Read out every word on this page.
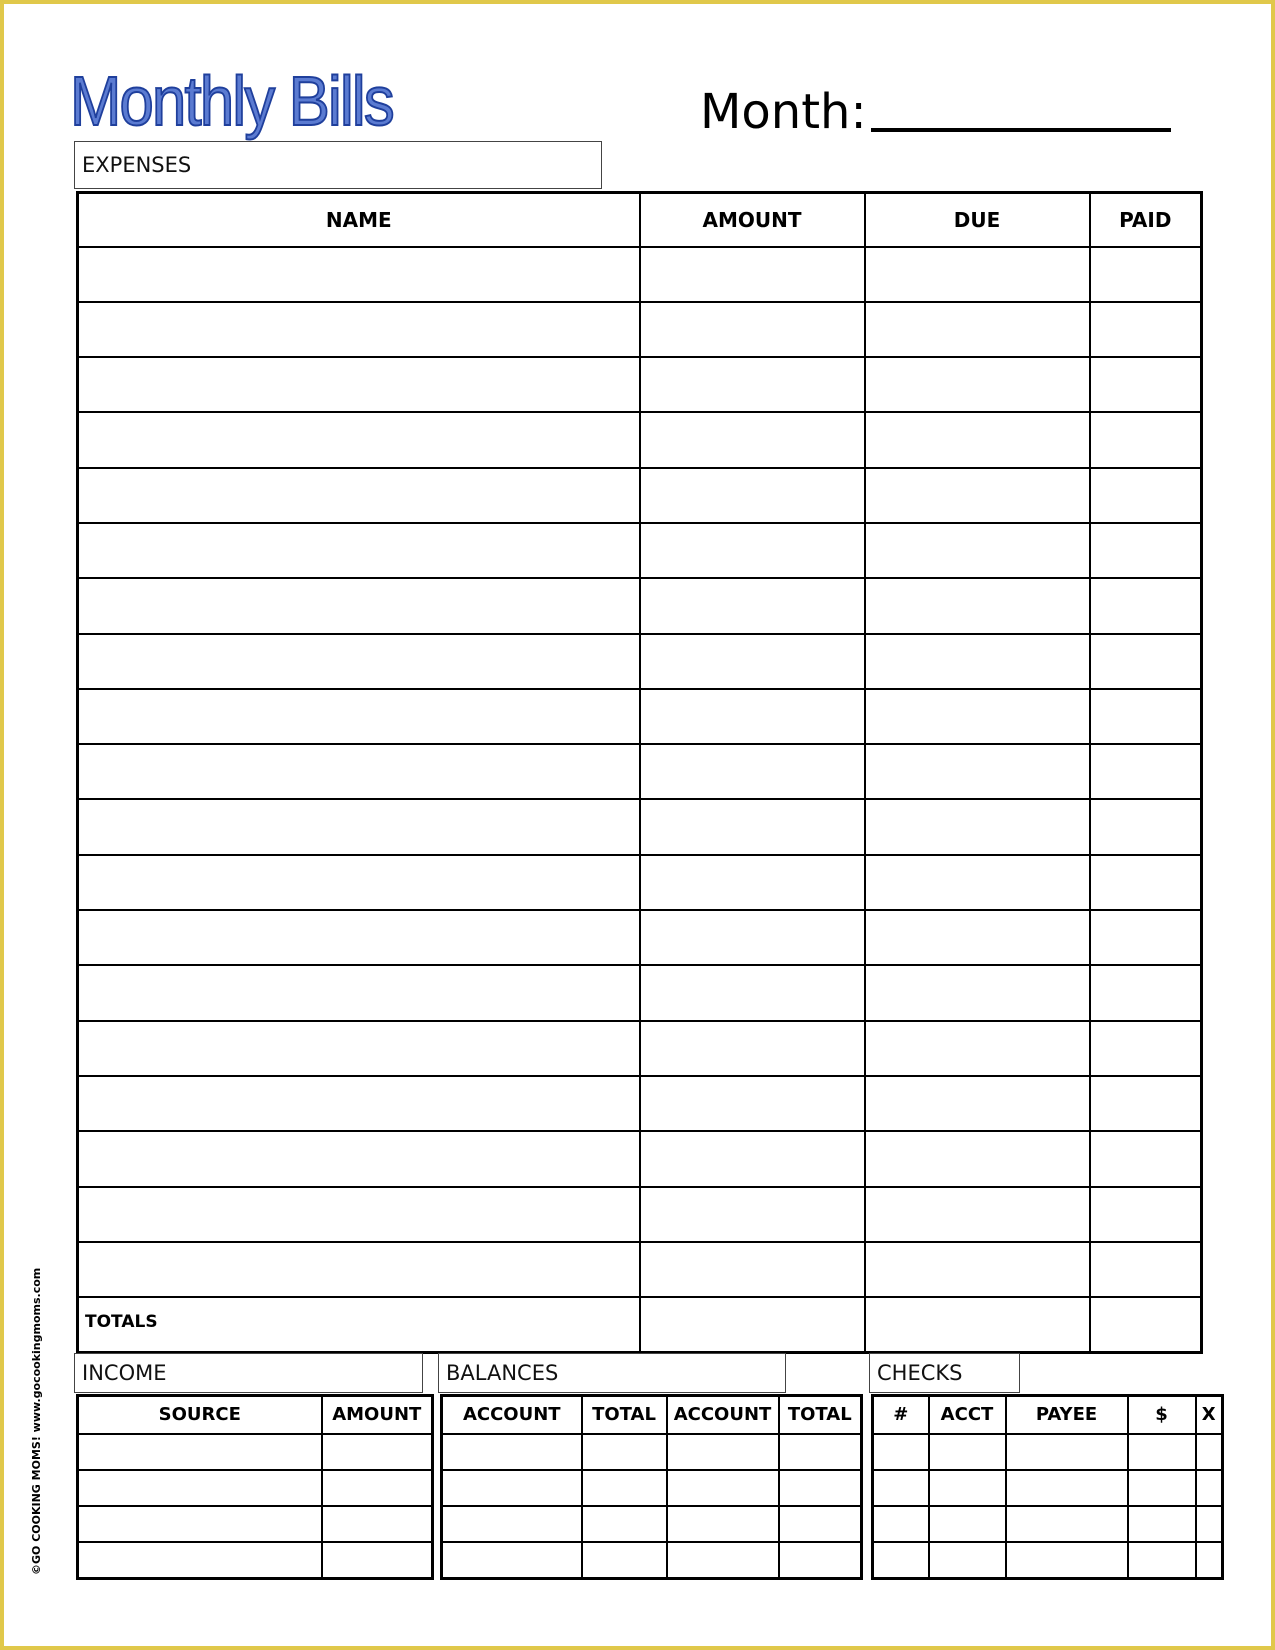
Monthly Bills	Month:
EXPENSES
NAME	AMOUNT	DUE	PAID

TOTALS			
INCOME
SOURCE	AMOUNT

BALANCES
ACCOUNT	TOTAL	ACCOUNT	TOTAL

CHECKS
#	ACCT	PAYEE	$	X

©GO COOKING MOMS! www.gocookingmoms.com
